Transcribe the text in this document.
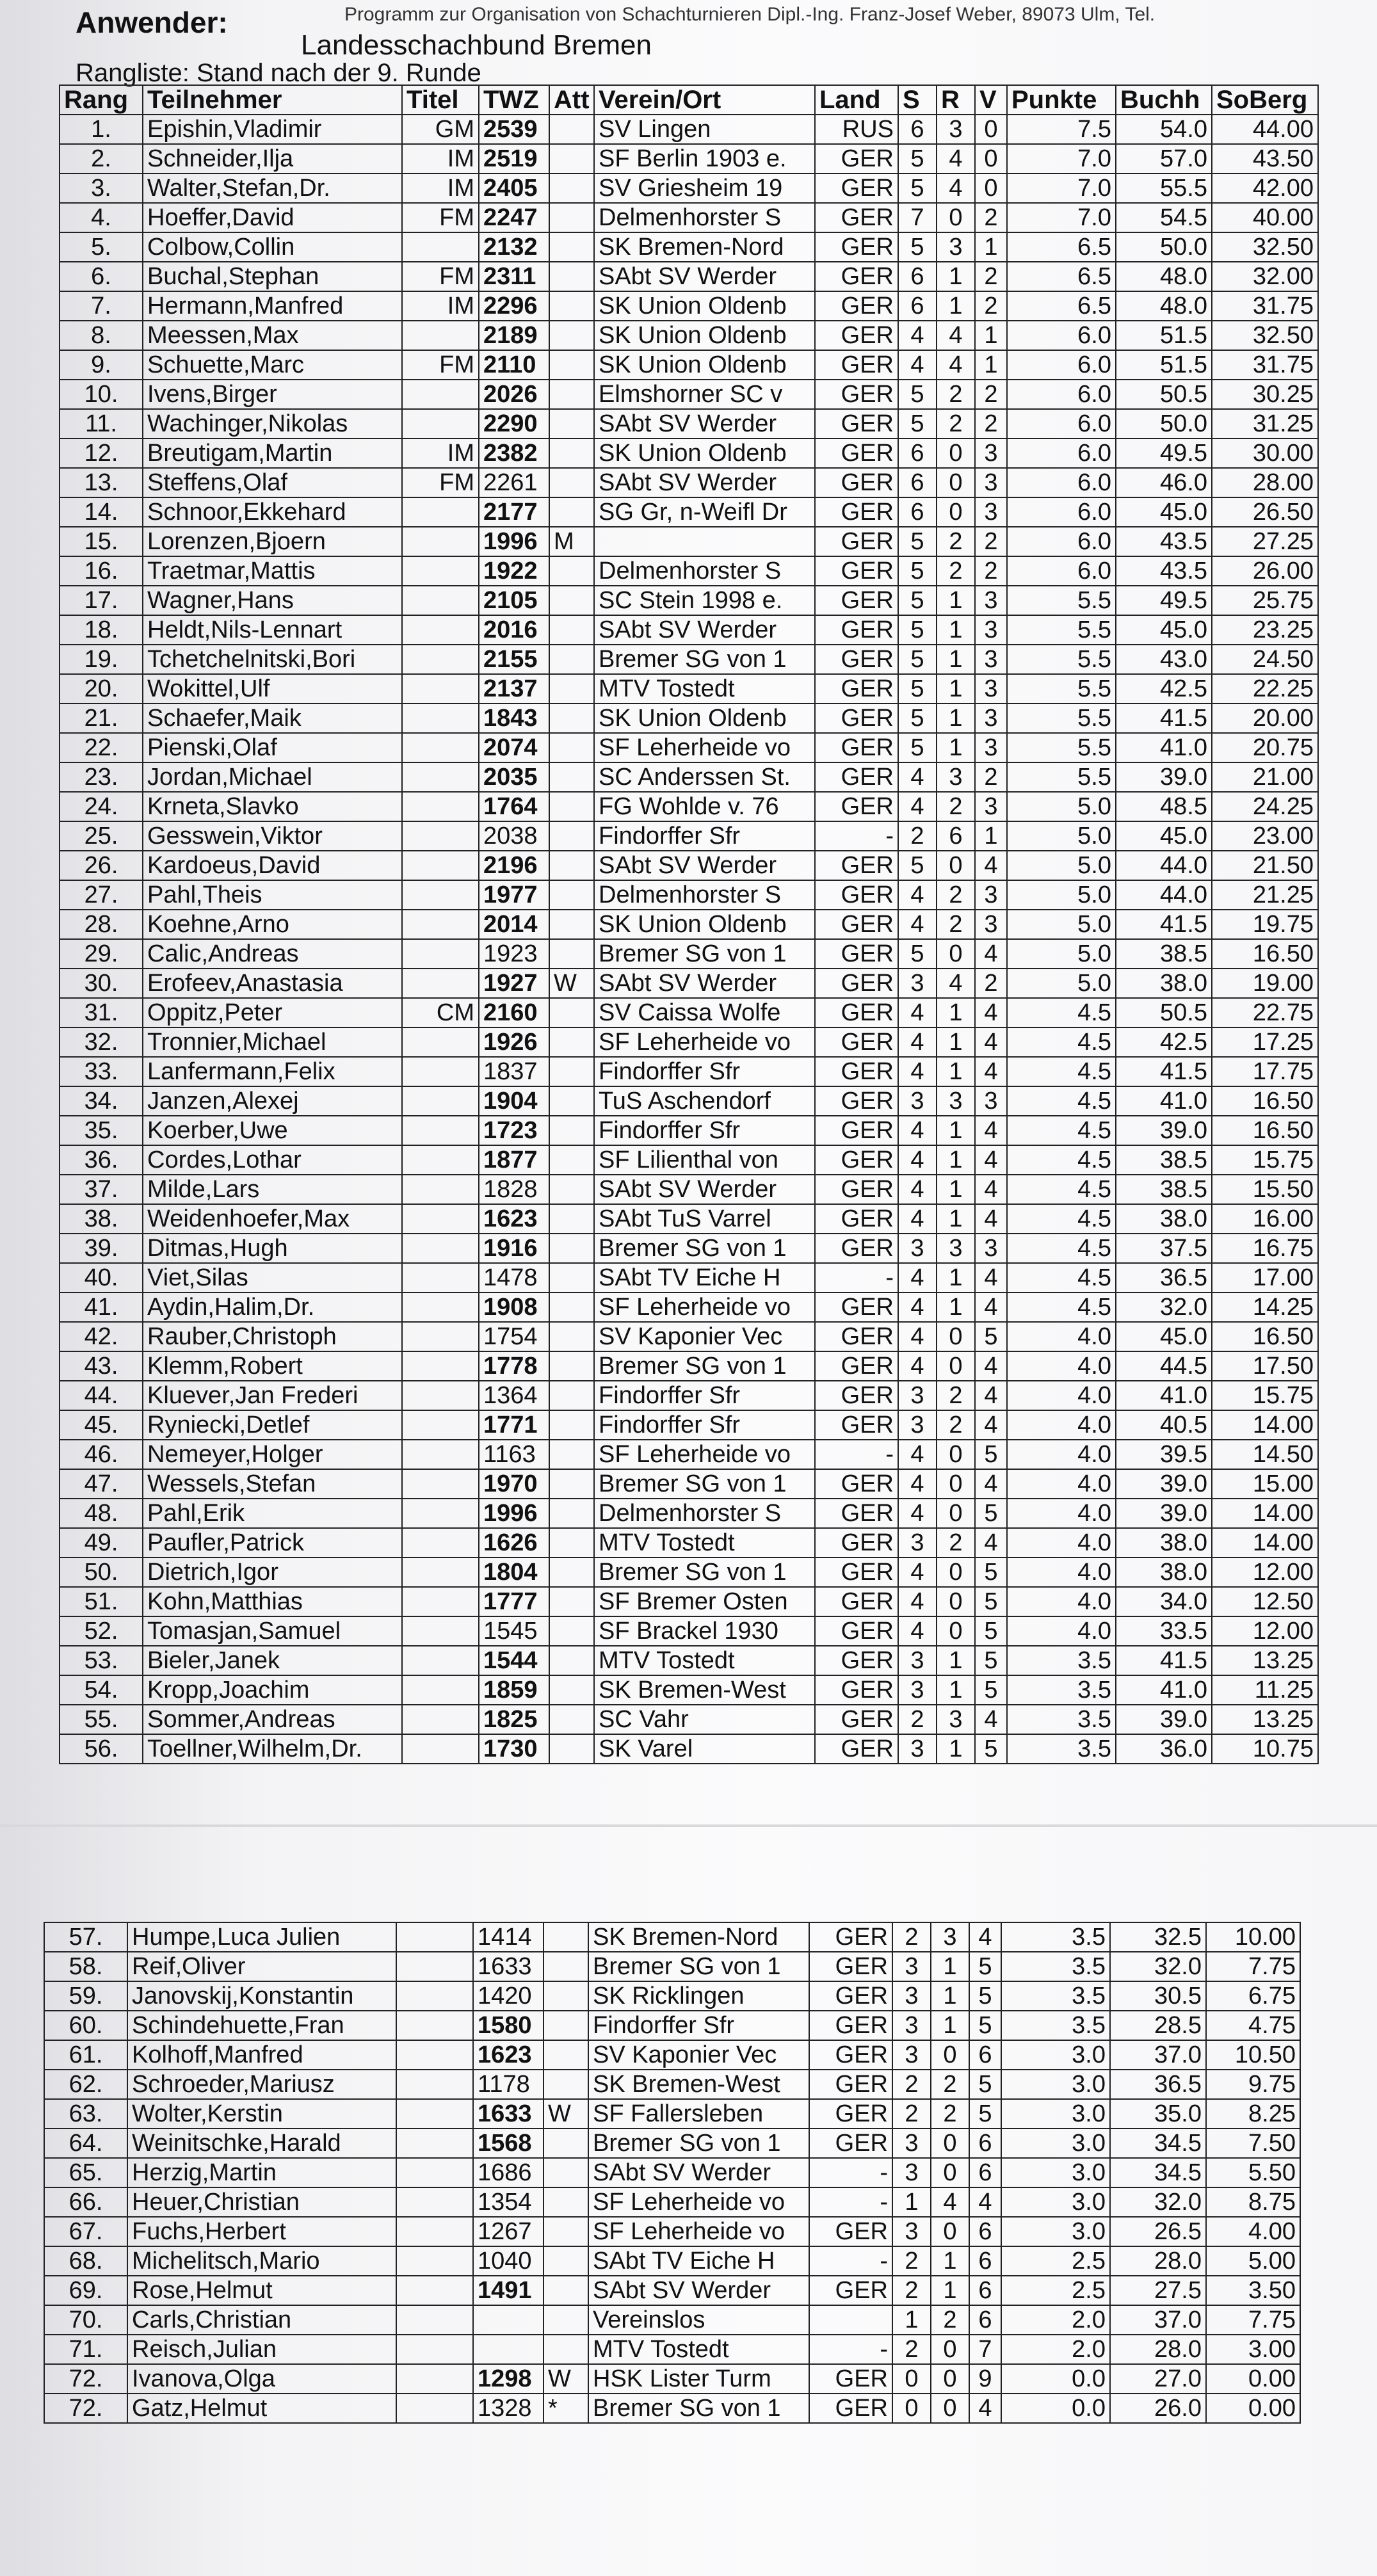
Programm zur Organisation von Schachturnieren Dipl.-Ing. Franz-Josef Weber, 89073 Ulm, Tel.
Anwender:
Landesschachbund Bremen
Rangliste: Stand nach der 9. Runde
Rang	Teilnehmer	Titel	TWZ	Att	Verein/Ort	Land	S	R	V	Punkte	Buchh	SoBerg
1.	Epishin,Vladimir	GM	2539		SV Lingen	RUS	6	3	0	7.5	54.0	44.00
2.	Schneider,Ilja	IM	2519		SF Berlin 1903 e.	GER	5	4	0	7.0	57.0	43.50
3.	Walter,Stefan,Dr.	IM	2405		SV Griesheim 19	GER	5	4	0	7.0	55.5	42.00
4.	Hoeffer,David	FM	2247		Delmenhorster S	GER	7	0	2	7.0	54.5	40.00
5.	Colbow,Collin		2132		SK Bremen-Nord	GER	5	3	1	6.5	50.0	32.50
6.	Buchal,Stephan	FM	2311		SAbt SV Werder	GER	6	1	2	6.5	48.0	32.00
7.	Hermann,Manfred	IM	2296		SK Union Oldenb	GER	6	1	2	6.5	48.0	31.75
8.	Meessen,Max		2189		SK Union Oldenb	GER	4	4	1	6.0	51.5	32.50
9.	Schuette,Marc	FM	2110		SK Union Oldenb	GER	4	4	1	6.0	51.5	31.75
10.	Ivens,Birger		2026		Elmshorner SC v	GER	5	2	2	6.0	50.5	30.25
11.	Wachinger,Nikolas		2290		SAbt SV Werder	GER	5	2	2	6.0	50.0	31.25
12.	Breutigam,Martin	IM	2382		SK Union Oldenb	GER	6	0	3	6.0	49.5	30.00
13.	Steffens,Olaf	FM	2261		SAbt SV Werder	GER	6	0	3	6.0	46.0	28.00
14.	Schnoor,Ekkehard		2177		SG Gr, n-Weifl Dr	GER	6	0	3	6.0	45.0	26.50
15.	Lorenzen,Bjoern		1996	M		GER	5	2	2	6.0	43.5	27.25
16.	Traetmar,Mattis		1922		Delmenhorster S	GER	5	2	2	6.0	43.5	26.00
17.	Wagner,Hans		2105		SC Stein 1998 e.	GER	5	1	3	5.5	49.5	25.75
18.	Heldt,Nils-Lennart		2016		SAbt SV Werder	GER	5	1	3	5.5	45.0	23.25
19.	Tchetchelnitski,Bori		2155		Bremer SG von 1	GER	5	1	3	5.5	43.0	24.50
20.	Wokittel,Ulf		2137		MTV Tostedt	GER	5	1	3	5.5	42.5	22.25
21.	Schaefer,Maik		1843		SK Union Oldenb	GER	5	1	3	5.5	41.5	20.00
22.	Pienski,Olaf		2074		SF Leherheide vo	GER	5	1	3	5.5	41.0	20.75
23.	Jordan,Michael		2035		SC Anderssen St.	GER	4	3	2	5.5	39.0	21.00
24.	Krneta,Slavko		1764		FG Wohlde v. 76	GER	4	2	3	5.0	48.5	24.25
25.	Gesswein,Viktor		2038		Findorffer Sfr	-	2	6	1	5.0	45.0	23.00
26.	Kardoeus,David		2196		SAbt SV Werder	GER	5	0	4	5.0	44.0	21.50
27.	Pahl,Theis		1977		Delmenhorster S	GER	4	2	3	5.0	44.0	21.25
28.	Koehne,Arno		2014		SK Union Oldenb	GER	4	2	3	5.0	41.5	19.75
29.	Calic,Andreas		1923		Bremer SG von 1	GER	5	0	4	5.0	38.5	16.50
30.	Erofeev,Anastasia		1927	W	SAbt SV Werder	GER	3	4	2	5.0	38.0	19.00
31.	Oppitz,Peter	CM	2160		SV Caissa Wolfe	GER	4	1	4	4.5	50.5	22.75
32.	Tronnier,Michael		1926		SF Leherheide vo	GER	4	1	4	4.5	42.5	17.25
33.	Lanfermann,Felix		1837		Findorffer Sfr	GER	4	1	4	4.5	41.5	17.75
34.	Janzen,Alexej		1904		TuS Aschendorf	GER	3	3	3	4.5	41.0	16.50
35.	Koerber,Uwe		1723		Findorffer Sfr	GER	4	1	4	4.5	39.0	16.50
36.	Cordes,Lothar		1877		SF Lilienthal von	GER	4	1	4	4.5	38.5	15.75
37.	Milde,Lars		1828		SAbt SV Werder	GER	4	1	4	4.5	38.5	15.50
38.	Weidenhoefer,Max		1623		SAbt TuS Varrel	GER	4	1	4	4.5	38.0	16.00
39.	Ditmas,Hugh		1916		Bremer SG von 1	GER	3	3	3	4.5	37.5	16.75
40.	Viet,Silas		1478		SAbt TV Eiche H	-	4	1	4	4.5	36.5	17.00
41.	Aydin,Halim,Dr.		1908		SF Leherheide vo	GER	4	1	4	4.5	32.0	14.25
42.	Rauber,Christoph		1754		SV Kaponier Vec	GER	4	0	5	4.0	45.0	16.50
43.	Klemm,Robert		1778		Bremer SG von 1	GER	4	0	4	4.0	44.5	17.50
44.	Kluever,Jan Frederi		1364		Findorffer Sfr	GER	3	2	4	4.0	41.0	15.75
45.	Ryniecki,Detlef		1771		Findorffer Sfr	GER	3	2	4	4.0	40.5	14.00
46.	Nemeyer,Holger		1163		SF Leherheide vo	-	4	0	5	4.0	39.5	14.50
47.	Wessels,Stefan		1970		Bremer SG von 1	GER	4	0	4	4.0	39.0	15.00
48.	Pahl,Erik		1996		Delmenhorster S	GER	4	0	5	4.0	39.0	14.00
49.	Paufler,Patrick		1626		MTV Tostedt	GER	3	2	4	4.0	38.0	14.00
50.	Dietrich,Igor		1804		Bremer SG von 1	GER	4	0	5	4.0	38.0	12.00
51.	Kohn,Matthias		1777		SF Bremer Osten	GER	4	0	5	4.0	34.0	12.50
52.	Tomasjan,Samuel		1545		SF Brackel 1930	GER	4	0	5	4.0	33.5	12.00
53.	Bieler,Janek		1544		MTV Tostedt	GER	3	1	5	3.5	41.5	13.25
54.	Kropp,Joachim		1859		SK Bremen-West	GER	3	1	5	3.5	41.0	11.25
55.	Sommer,Andreas		1825		SC Vahr	GER	2	3	4	3.5	39.0	13.25
56.	Toellner,Wilhelm,Dr.		1730		SK Varel	GER	3	1	5	3.5	36.0	10.75
57.	Humpe,Luca Julien		1414		SK Bremen-Nord	GER	2	3	4	3.5	32.5	10.00
58.	Reif,Oliver		1633		Bremer SG von 1	GER	3	1	5	3.5	32.0	7.75
59.	Janovskij,Konstantin		1420		SK Ricklingen	GER	3	1	5	3.5	30.5	6.75
60.	Schindehuette,Fran		1580		Findorffer Sfr	GER	3	1	5	3.5	28.5	4.75
61.	Kolhoff,Manfred		1623		SV Kaponier Vec	GER	3	0	6	3.0	37.0	10.50
62.	Schroeder,Mariusz		1178		SK Bremen-West	GER	2	2	5	3.0	36.5	9.75
63.	Wolter,Kerstin		1633	W	SF Fallersleben	GER	2	2	5	3.0	35.0	8.25
64.	Weinitschke,Harald		1568		Bremer SG von 1	GER	3	0	6	3.0	34.5	7.50
65.	Herzig,Martin		1686		SAbt SV Werder	-	3	0	6	3.0	34.5	5.50
66.	Heuer,Christian		1354		SF Leherheide vo	-	1	4	4	3.0	32.0	8.75
67.	Fuchs,Herbert		1267		SF Leherheide vo	GER	3	0	6	3.0	26.5	4.00
68.	Michelitsch,Mario		1040		SAbt TV Eiche H	-	2	1	6	2.5	28.0	5.00
69.	Rose,Helmut		1491		SAbt SV Werder	GER	2	1	6	2.5	27.5	3.50
70.	Carls,Christian				Vereinslos		1	2	6	2.0	37.0	7.75
71.	Reisch,Julian				MTV Tostedt	-	2	0	7	2.0	28.0	3.00
72.	Ivanova,Olga		1298	W	HSK Lister Turm	GER	0	0	9	0.0	27.0	0.00
72.	Gatz,Helmut		1328	*	Bremer SG von 1	GER	0	0	4	0.0	26.0	0.00
